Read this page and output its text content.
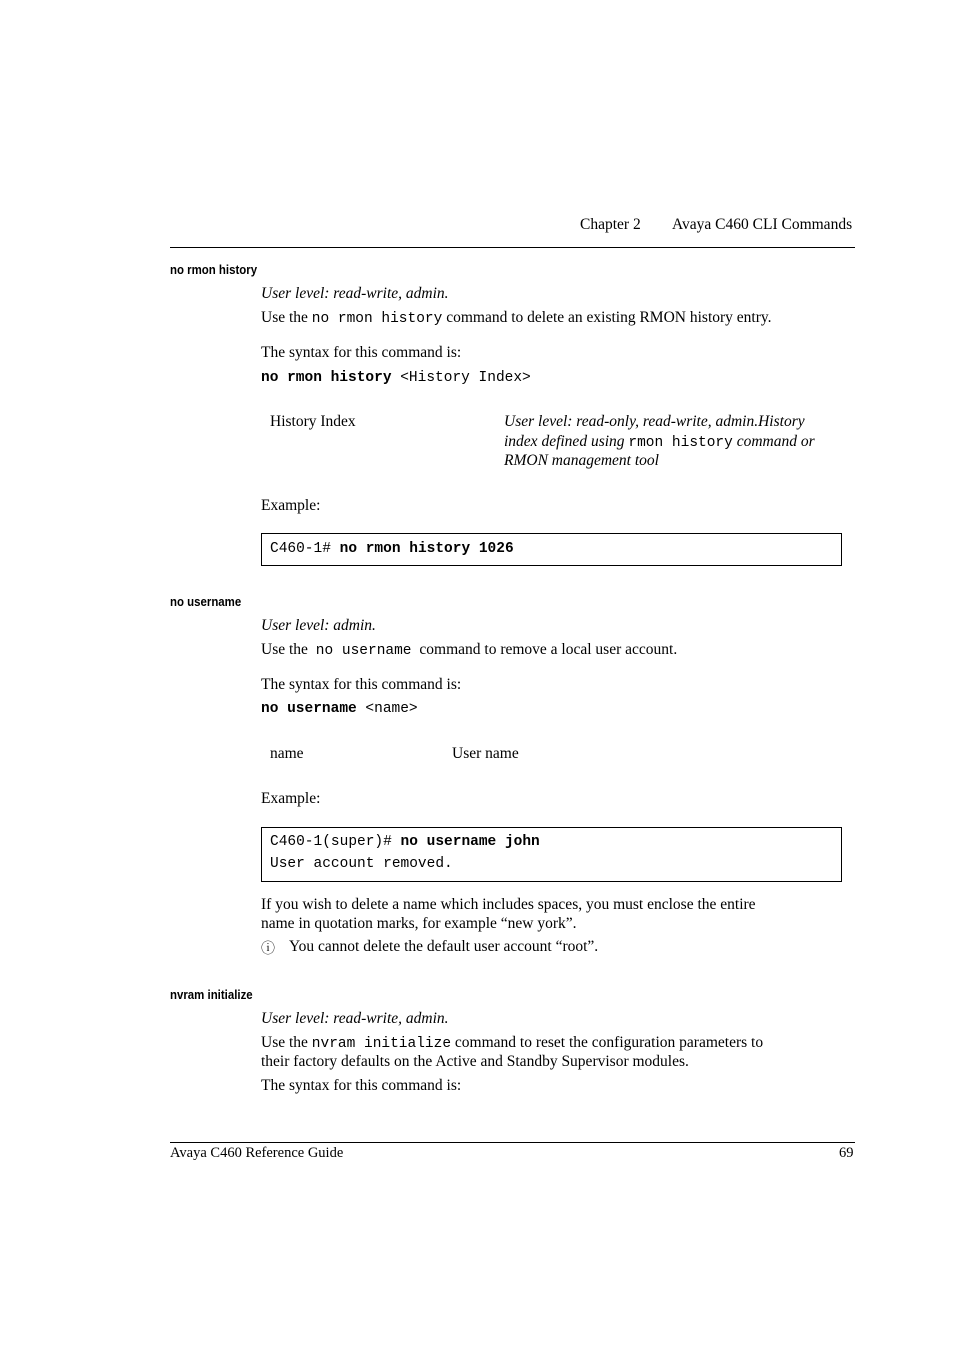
Chapter 2 Avaya C460 CLI Commands
no rmon history
User level: read-write, admin.
Use the no rmon history command to delete an existing RMON history entry.
The syntax for this command is:
no rmon history <History Index>
History Index	User level: read-only, read-write, admin.History
index defined using rmon history command or
RMON management tool
Example:
C460-1# no rmon history 1026
no username
User level: admin.
Use the no username command to remove a local user account.
The syntax for this command is:
no username <name>
name	User name
Example:
C460-1(super)# no username john
User account removed.
If you wish to delete a name which includes spaces, you must enclose the entire
name in quotation marks, for example “new york”.
ⓘ You cannot delete the default user account “root”.
nvram initialize
User level: read-write, admin.
Use the nvram initialize command to reset the configuration parameters to
their factory defaults on the Active and Standby Supervisor modules.
The syntax for this command is:
Avaya C460 Reference Guide	69
